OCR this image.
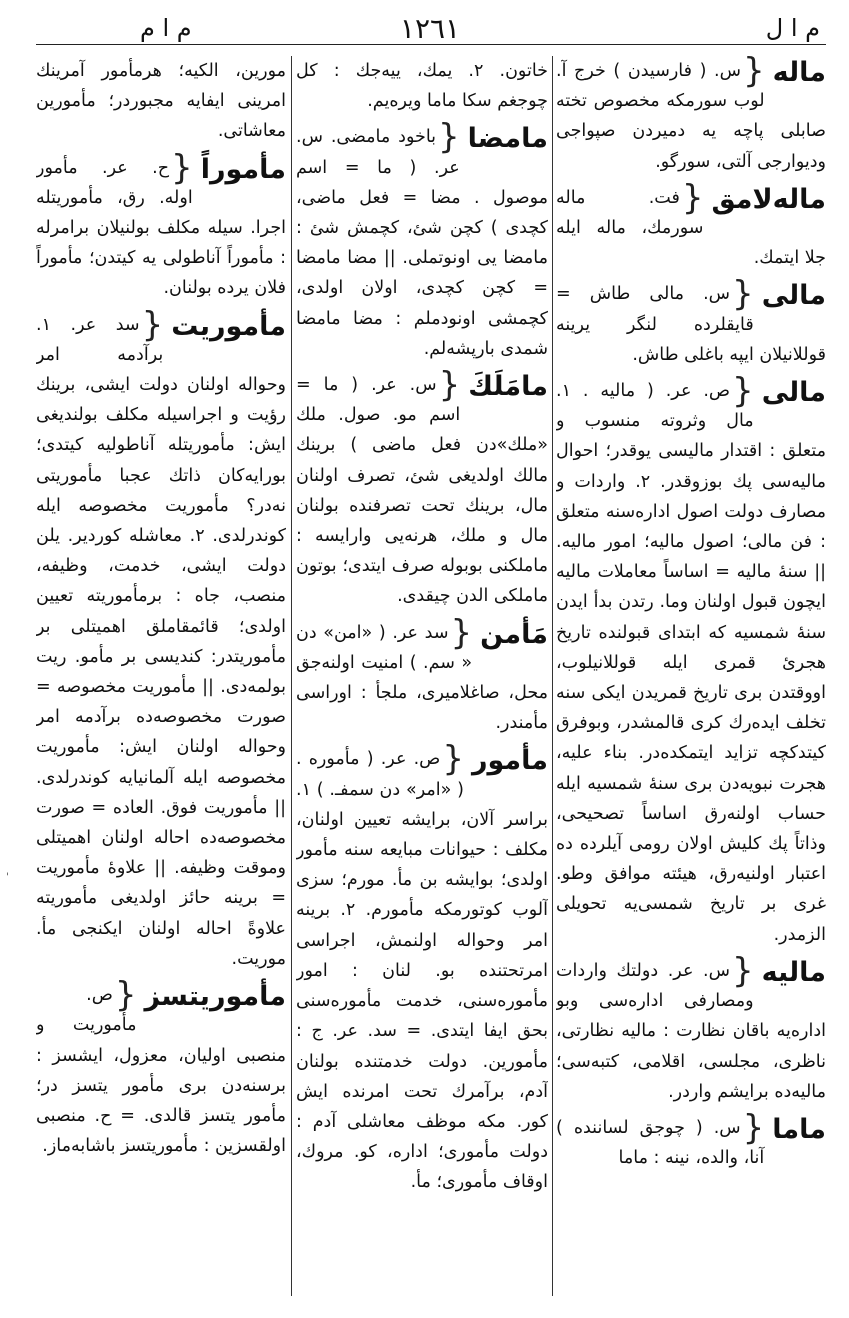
م ا ل
١٢٦١
م ا م
ماله
{
س. ( فارسيدن ) خرج آ. لوب سورمكه مخصوص تخته صابلى پاچه يه دميردن صپواجى وديوارجى آلتى، سورگو.
ماله‌لامق
{
فت. ماله سورمك، ماله ايله جلا ايتمك.
مالى
{
س. مالى طاش = قايقلرده لنگر يرينه قوللانيلان ايپه باغلى طاش.
مالى
{
ص. عر. ( ماليه . ١. مال وثروته منسوب و متعلق : اقتدار ماليسى يوقدر؛ احوال ماليه‌سى پك بوزوقدر. ٢. واردات و مصارف دولت اصول اداره‌سنه متعلق : فن مالى؛ اصول ماليه؛ امور ماليه. || سنهٔ ماليه = اساساً معاملات ماليه ايچون قبول اولنان وما. رتدن بدأ ايدن سنهٔ شمسيه كه ابتداى قبولنده تاريخ هجرئ قمرى ايله قوللانيلوب، اووقتدن برى تاريخ قمريدن ايكى سنه تخلف ايده‌رك كرى قالمشدر، وبوفرق كيتدكچه تزايد ايتمكده‌در. بناء عليه، هجرت نبويه‌دن برى سنهٔ شمسيه ايله حساب اولنه‌رق اساساً تصحيحى، وذاتاً پك كليش اولان رومى آيلرده ده اعتبار اولنيه‌رق، هيئته موافق وطو. غرى بر تاريخ شمسى‌يه تحويلى الزمدر.
ماليه
{
س. عر. دولتك واردات ومصارفى اداره‌سى وبو اداره‌يه باقان نظارت : ماليه نظارتى، ناظرى، مجلسى، اقلامى، كتبه‌سى؛ ماليه‌ده برايشم واردر.
ماما
{
س. ( چوجق لسانندە ) آنا، والده، نينه : ماما
خاتون. ٢. يمك، ييه‌جك : كل چوجغم سكا ماما ويره‌يم.
مامضا
{
باخود مامضى. س. عر. ( ما = اسم موصول . مضا = فعل ماضى، كچدى ) كچن شئ، كچمش شئ : مامضا يى اونوتملى. || مضا مامضا = كچن كچدى، اولان اولدى، كچمشى اونودملم : مضا مامضا شمدى بارپشه‌لم.
مامَلَكَ
{
س. عر. ( ما = اسم مو. صول. ملك «ملك»دن فعل ماضى ) برينك مالك اولديغى شئ، تصرف اولنان مال، برينك تحت تصرفنده بولنان مال و ملك، هرنه‌يى وارايسه : ماملكنى بوبوله صرف ايتدى؛ بوتون ماملكى الدن چيقدى.
مَأمن
{
سد عر. ( «امن» دن « سم. ) امنيت اولنه‌جق محل، صاغلاميرى، ملجأ : اوراسى مأمندر.
مأمور
{
ص. عر. ( مأموره . ( «امر» دن سمفـ. ) ١. براسر آلان، برايشه تعيين اولنان، مكلف : حيوانات مبايعه سنه مأمور اولدى؛ بوايشه بن مأ. مورم؛ سزى آلوب كوتورمكه مأمورم. ٢. برينه امر وحواله اولنمش، اجراسى امرتحتنده بو. لنان : امور مأموره‌سنى، خدمت مأموره‌سنى بحق ايفا ايتدى. = سد. عر. ج : مأمورين. دولت خدمتنده بولنان آدم، برآمرك تحت امرنده ايش كور. مكه موظف معاشلى آدم : دولت مأمورى؛ اداره، كو. مروك، اوقاف مأمورى؛ مأ.
مورين، الكيه؛ هرمأمور آمرينك امرينى ايفايه مجبوردر؛ مأمورين معاشاتى.
مأموراً
{
ح. عر. مأمور اوله. رق، مأموريتله اجرا. سيله مكلف بولنيلان برامرله : مأموراً آناطولى يه كيتدن؛ مأموراً فلان يرده بولنان.
مأموريت
{
سد عر. ١. برآدمه امر وحواله اولنان دولت ايشى، برينك رؤيت و اجراسيله مكلف بولنديغى ايش: مأموريتله آناطوليه كيتدى؛ بورايه‌كان ذاتك عجبا مأموريتى نه‌در؟ مأموريت مخصوصه ايله كوندرلدى. ٢. معاشله كوردير. يلن دولت ايشى، خدمت، وظيفه، منصب، جاه : برمأموريته تعيين اولدى؛ قائمقاملق اهميتلى بر مأموريتدر: كنديسى بر مأمو. ريت بولمه‌دى. || مأموريت مخصوصه = صورت مخصوصه‌ده برآدمه امر وحواله اولنان ايش: مأموريت مخصوصه ايله آلمانيايه كوندرلدى. || مأموريت فوق. العاده = صورت مخصوصه‌ده احاله اولنان اهميتلى وموقت وظيفه. || علاوهٔ مأموريت = برينه حائز اولديغى مأموريته علاوةً احاله اولنان ايكنجى مأ. موريت.
مأموريتسز
{
ص. مأموريت و منصبى اوليان، معزول، ايشسز : برسنه‌دن برى مأمور يتسز در؛ مأمور يتسز قالدى. = ح. منصبى اولقسزين : مأموريتسز باشابه‌ماز.
'
